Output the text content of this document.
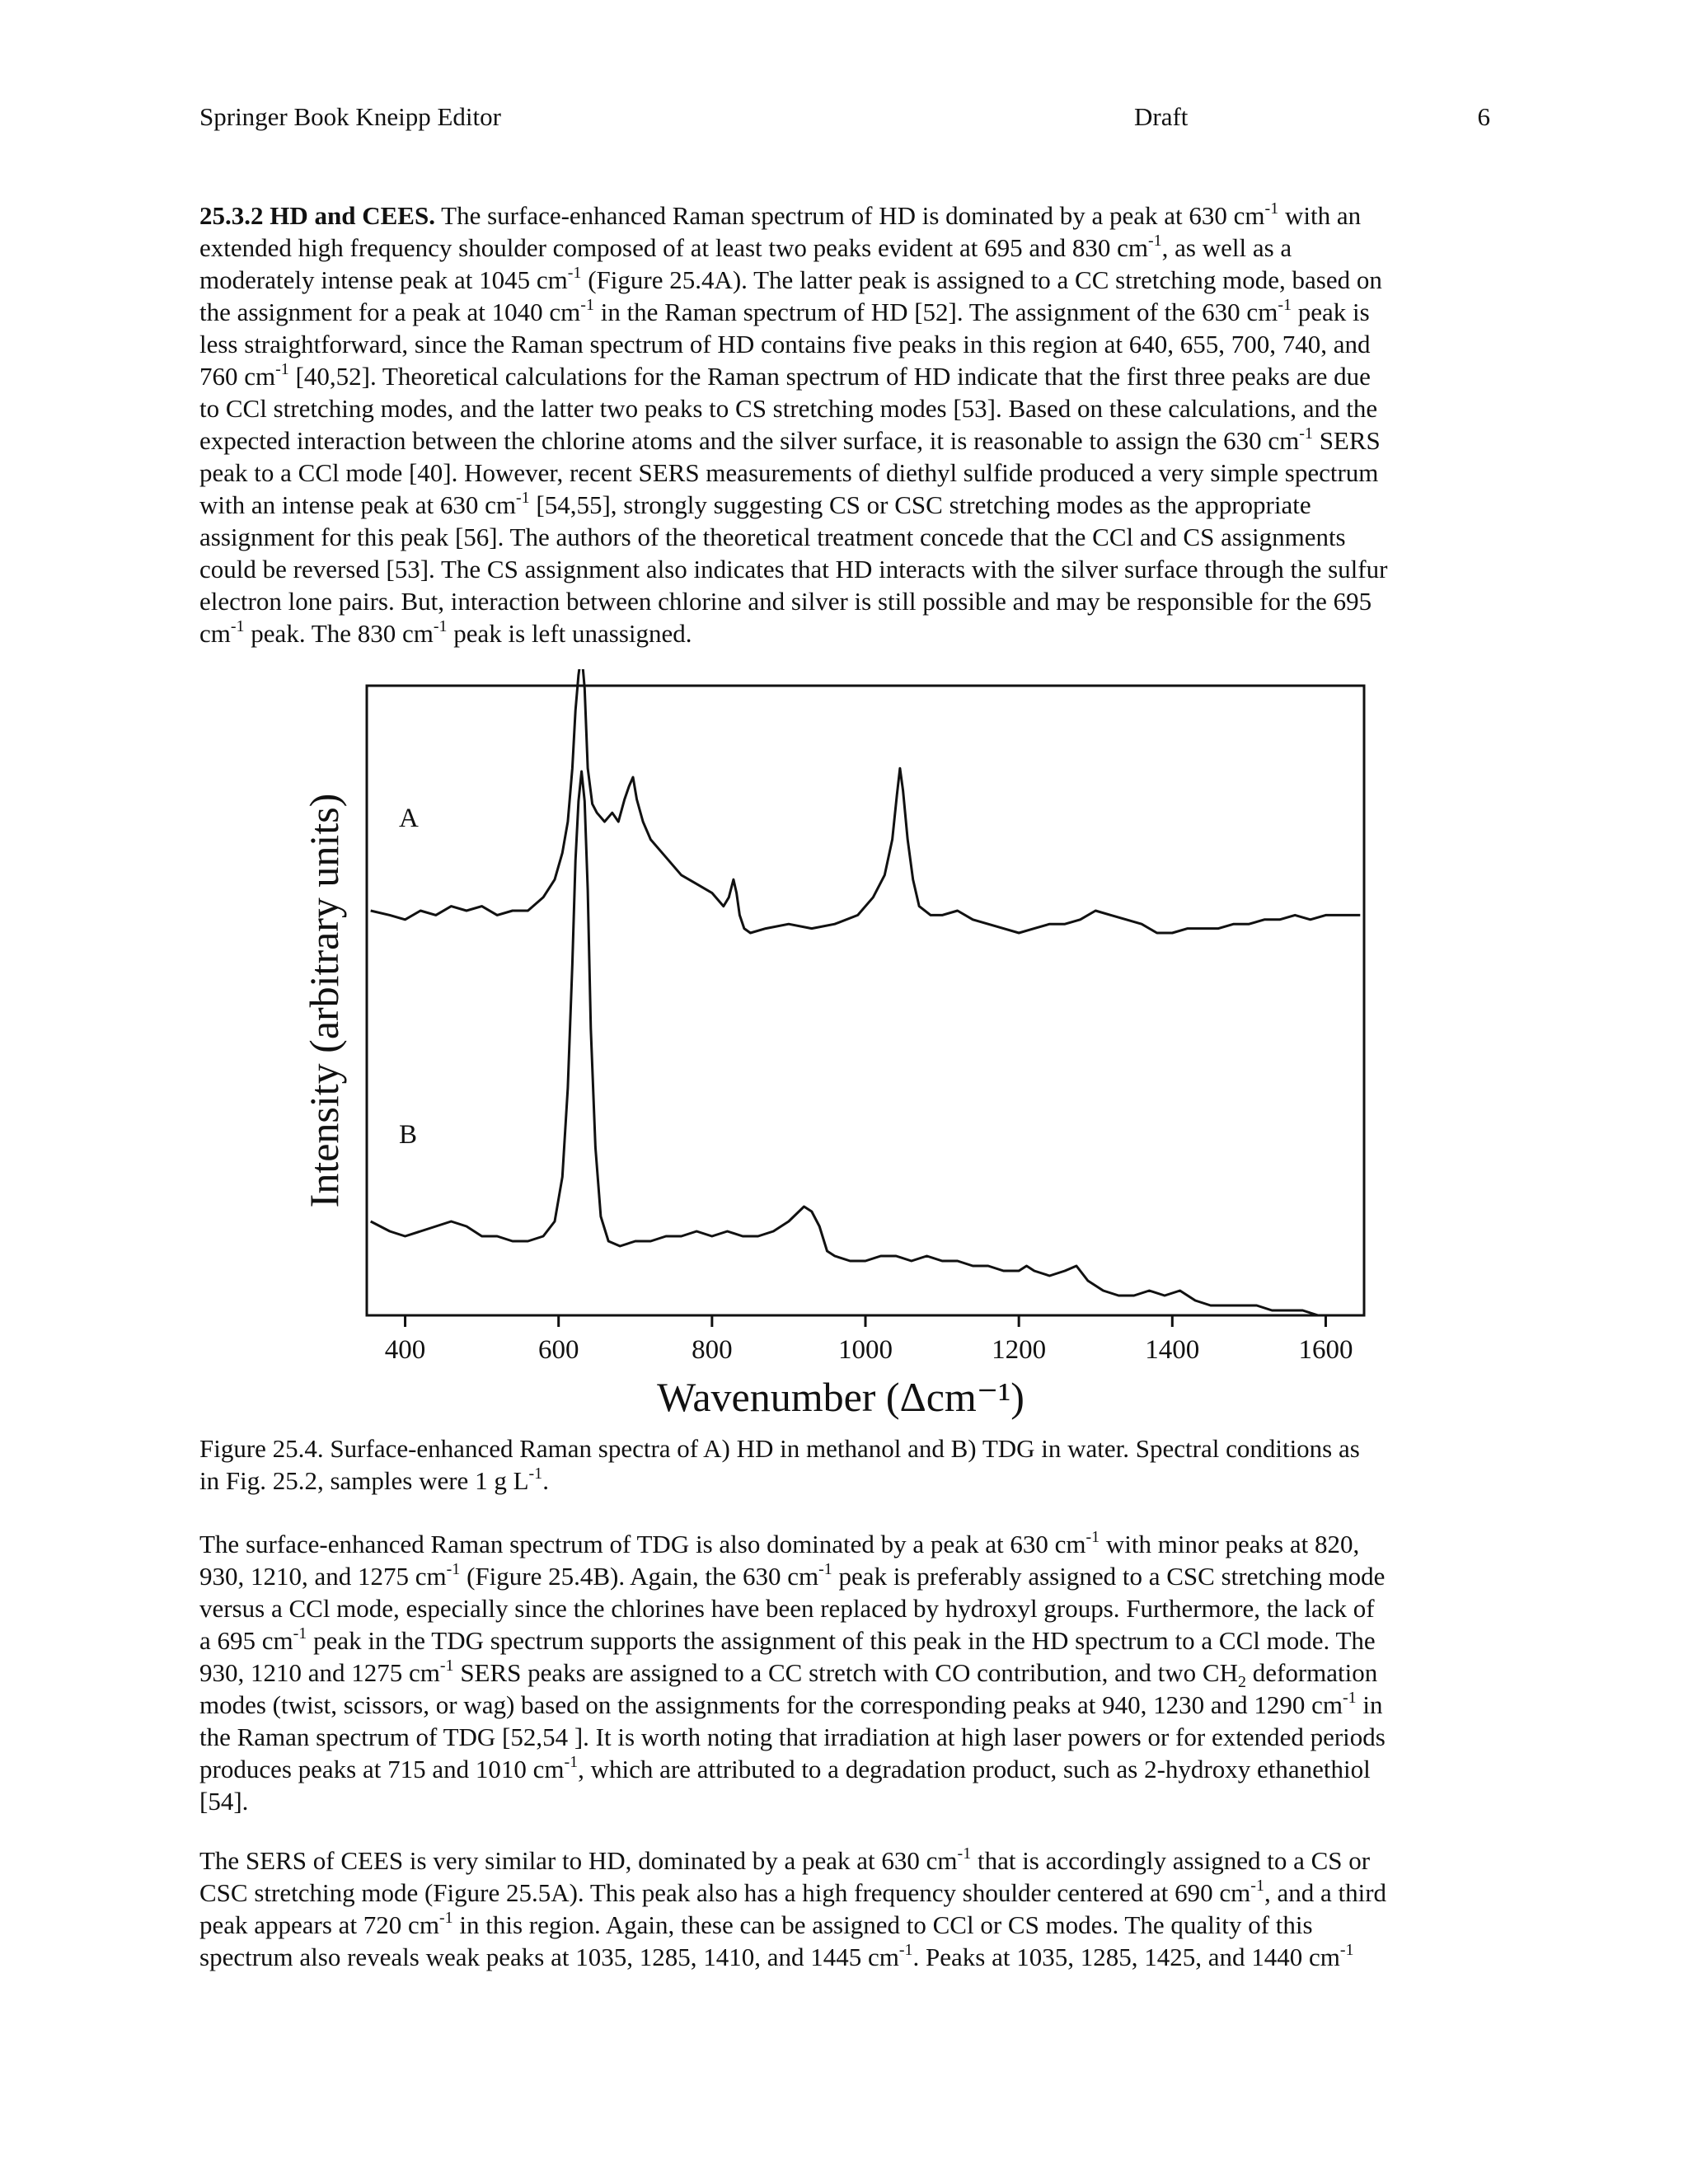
Springer Book Kneipp Editor	Draft	6

25.3.2 HD and CEES. The surface-enhanced Raman spectrum of HD is dominated by a peak at 630 $cm^{-1}$ with an
extended high frequency shoulder composed of at least two peaks evident at 695 and 830 $cm^{-1}$, as well as a
moderately intense peak at 1045 $cm^{-1}$ (Figure 25.4A). The latter peak is assigned to a CC stretching mode, based on
the assignment for a peak at 1040 $cm^{-1}$ in the Raman spectrum of HD [52]. The assignment of the 630 $cm^{-1}$ peak is
less straightforward, since the Raman spectrum of HD contains five peaks in this region at 640, 655, 700, 740, and
760 $cm^{-1}$ [40,52]. Theoretical calculations for the Raman spectrum of HD indicate that the first three peaks are due
to CCl stretching modes, and the latter two peaks to CS stretching modes [53]. Based on these calculations, and the
expected interaction between the chlorine atoms and the silver surface, it is reasonable to assign the 630 $cm^{-1}$ SERS
peak to a CCl mode [40]. However, recent SERS measurements of diethyl sulfide produced a very simple spectrum
with an intense peak at 630 $cm^{-1}$ [54,55], strongly suggesting CS or CSC stretching modes as the appropriate
assignment for this peak [56]. The authors of the theoretical treatment concede that the CCl and CS assignments
could be reversed [53]. The CS assignment also indicates that HD interacts with the silver surface through the sulfur
electron lone pairs. But, interaction between chlorine and silver is still possible and may be responsible for the 695
$cm^{-1}$ peak. The 830 $cm^{-1}$ peak is left unassigned.

400	600	800	1000	1200	1400	1600
A
B
Wavenumber (Δcm⁻¹)
Intensity (arbitrary units)

Figure 25.4. Surface-enhanced Raman spectra of A) HD in methanol and B) TDG in water. Spectral conditions as
in Fig. 25.2, samples were 1 g $L^{-1}$.

The surface-enhanced Raman spectrum of TDG is also dominated by a peak at 630 $cm^{-1}$ with minor peaks at 820,
930, 1210, and 1275 $cm^{-1}$ (Figure 25.4B). Again, the 630 $cm^{-1}$ peak is preferably assigned to a CSC stretching mode
versus a CCl mode, especially since the chlorines have been replaced by hydroxyl groups. Furthermore, the lack of
a 695 $cm^{-1}$ peak in the TDG spectrum supports the assignment of this peak in the HD spectrum to a CCl mode. The
930, 1210 and 1275 $cm^{-1}$ SERS peaks are assigned to a CC stretch with CO contribution, and two $CH_2$ deformation
modes (twist, scissors, or wag) based on the assignments for the corresponding peaks at 940, 1230 and 1290 $cm^{-1}$ in
the Raman spectrum of TDG [52,54 ]. It is worth noting that irradiation at high laser powers or for extended periods
produces peaks at 715 and 1010 $cm^{-1}$, which are attributed to a degradation product, such as 2-hydroxy ethanethiol
[54].

The SERS of CEES is very similar to HD, dominated by a peak at 630 $cm^{-1}$ that is accordingly assigned to a CS or
CSC stretching mode (Figure 25.5A). This peak also has a high frequency shoulder centered at 690 $cm^{-1}$, and a third
peak appears at 720 $cm^{-1}$ in this region. Again, these can be assigned to CCl or CS modes. The quality of this
spectrum also reveals weak peaks at 1035, 1285, 1410, and 1445 $cm^{-1}$. Peaks at 1035, 1285, 1425, and 1440 $cm^{-1}$
